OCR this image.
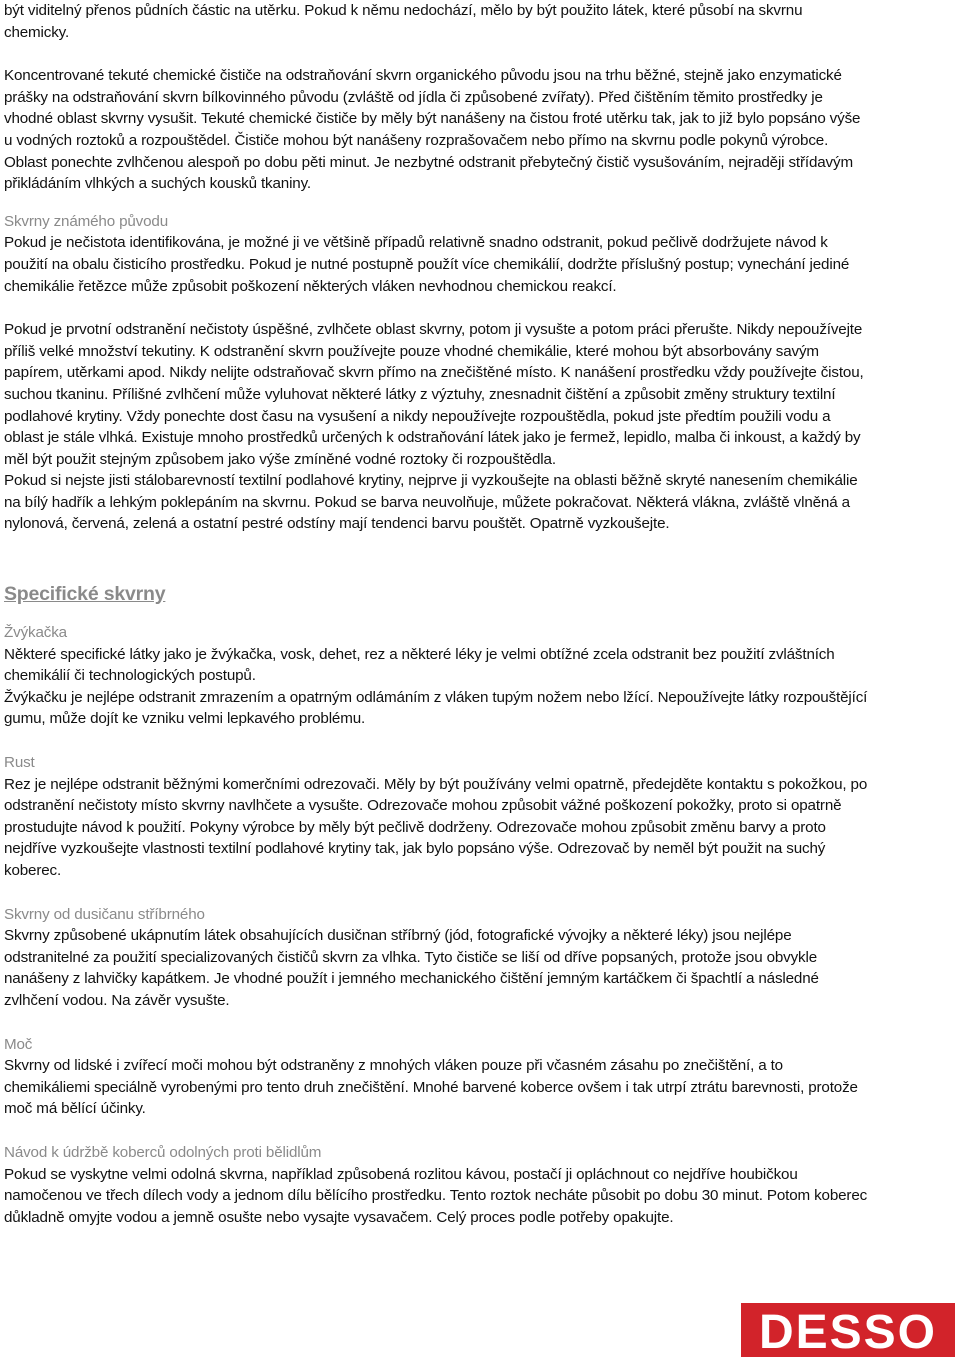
být viditelný přenos půdních částic na utěrku. Pokud k němu nedochází, mělo by být použito látek, které působí na skvrnu chemicky.

Koncentrované tekuté chemické čističe na odstraňování skvrn organického původu jsou na trhu běžné, stejně jako enzymatické prášky na odstraňování skvrn bílkovinného původu (zvláště od jídla či způsobené zvířaty). Před čištěním těmito prostředky je vhodné oblast skvrny vysušit. Tekuté chemické čističe by měly být nanášeny na čistou froté utěrku tak, jak to již bylo popsáno výše u vodných roztoků a rozpouštědel. Čističe mohou být nanášeny rozprašovačem nebo přímo na skvrnu podle pokynů výrobce. Oblast ponechte zvlhčenou alespoň po dobu pěti minut. Je nezbytné odstranit přebytečný čistič vysušováním, nejraději střídavým přikládáním vlhkých a suchých kousků tkaniny.

Skvrny známého původu

Pokud je nečistota identifikována, je možné ji ve většině případů relativně snadno odstranit, pokud pečlivě dodržujete návod k použití na obalu čisticího prostředku. Pokud je nutné postupně použít více chemikálií, dodržte příslušný postup; vynechání jediné chemikálie řetězce může způsobit poškození některých vláken nevhodnou chemickou reakcí.

Pokud je prvotní odstranění nečistoty úspěšné, zvlhčete oblast skvrny, potom ji vysušte a potom práci přerušte. Nikdy nepoužívejte příliš velké množství tekutiny. K odstranění skvrn používejte pouze vhodné chemikálie, které mohou být absorbovány savým papírem, utěrkami apod. Nikdy nelijte odstraňovač skvrn přímo na znečištěné místo. K nanášení prostředku vždy používejte čistou, suchou tkaninu. Přílišné zvlhčení může vyluhovat některé látky z výztuhy, znesnadnit čištění a způsobit změny struktury textilní podlahové krytiny. Vždy ponechte dost času na vysušení a nikdy nepoužívejte rozpouštědla, pokud jste předtím použili vodu a oblast je stále vlhká. Existuje mnoho prostředků určených k odstraňování látek jako je fermež, lepidlo, malba či inkoust, a každý by měl být použit stejným způsobem jako výše zmíněné vodné roztoky či rozpouštědla.

Pokud si nejste jisti stálobarevností textilní podlahové krytiny, nejprve ji vyzkoušejte na oblasti běžně skryté nanesením chemikálie na bílý hadřík a lehkým poklepáním na skvrnu. Pokud se barva neuvolňuje, můžete pokračovat. Některá vlákna, zvláště vlněná a nylonová, červená, zelená a ostatní pestré odstíny mají tendenci barvu pouštět. Opatrně vyzkoušejte.

Specifické skvrny

Žvýkačka

Některé specifické látky jako je žvýkačka, vosk, dehet, rez a některé léky je velmi obtížné zcela odstranit bez použití zvláštních chemikálií či technologických postupů.

Žvýkačku je nejlépe odstranit zmrazením a opatrným odlámáním z vláken tupým nožem nebo lžící. Nepoužívejte látky rozpouštějící gumu, může dojít ke vzniku velmi lepkavého problému.

Rust

Rez je nejlépe odstranit běžnými komerčními odrezovači. Měly by být používány velmi opatrně, předejděte kontaktu s pokožkou, po odstranění nečistoty místo skvrny navlhčete a vysušte. Odrezovače mohou způsobit vážné poškození pokožky, proto si opatrně prostudujte návod k použití. Pokyny výrobce by měly být pečlivě dodrženy. Odrezovače mohou způsobit změnu barvy a proto nejdříve vyzkoušejte vlastnosti textilní podlahové krytiny tak, jak bylo popsáno výše. Odrezovač by neměl být použit na suchý koberec.

Skvrny od dusičanu stříbrného

Skvrny způsobené ukápnutím látek obsahujících dusičnan stříbrný (jód, fotografické vývojky a některé léky) jsou nejlépe odstranitelné za použití specializovaných čističů skvrn za vlhka. Tyto čističe se liší od dříve popsaných, protože jsou obvykle nanášeny z lahvičky kapátkem. Je vhodné použít i jemného mechanického čištění jemným kartáčkem či špachtlí a následné zvlhčení vodou. Na závěr vysušte.

Moč

Skvrny od lidské i zvířecí moči mohou být odstraněny z mnohých vláken pouze při včasném zásahu po znečištění, a to chemikáliemi speciálně vyrobenými pro tento druh znečištění. Mnohé barvené koberce ovšem i tak utrpí ztrátu barevnosti, protože moč má bělící účinky.

Návod k údržbě koberců odolných proti bělidlům

Pokud se vyskytne velmi odolná skvrna, například způsobená rozlitou kávou, postačí ji opláchnout co nejdříve houbičkou namočenou ve třech dílech vody a jednom dílu bělícího prostředku. Tento roztok necháte působit po dobu 30 minut. Potom koberec důkladně omyjte vodou a jemně osušte nebo vysajte vysavačem. Celý proces podle potřeby opakujte.

DESSO
